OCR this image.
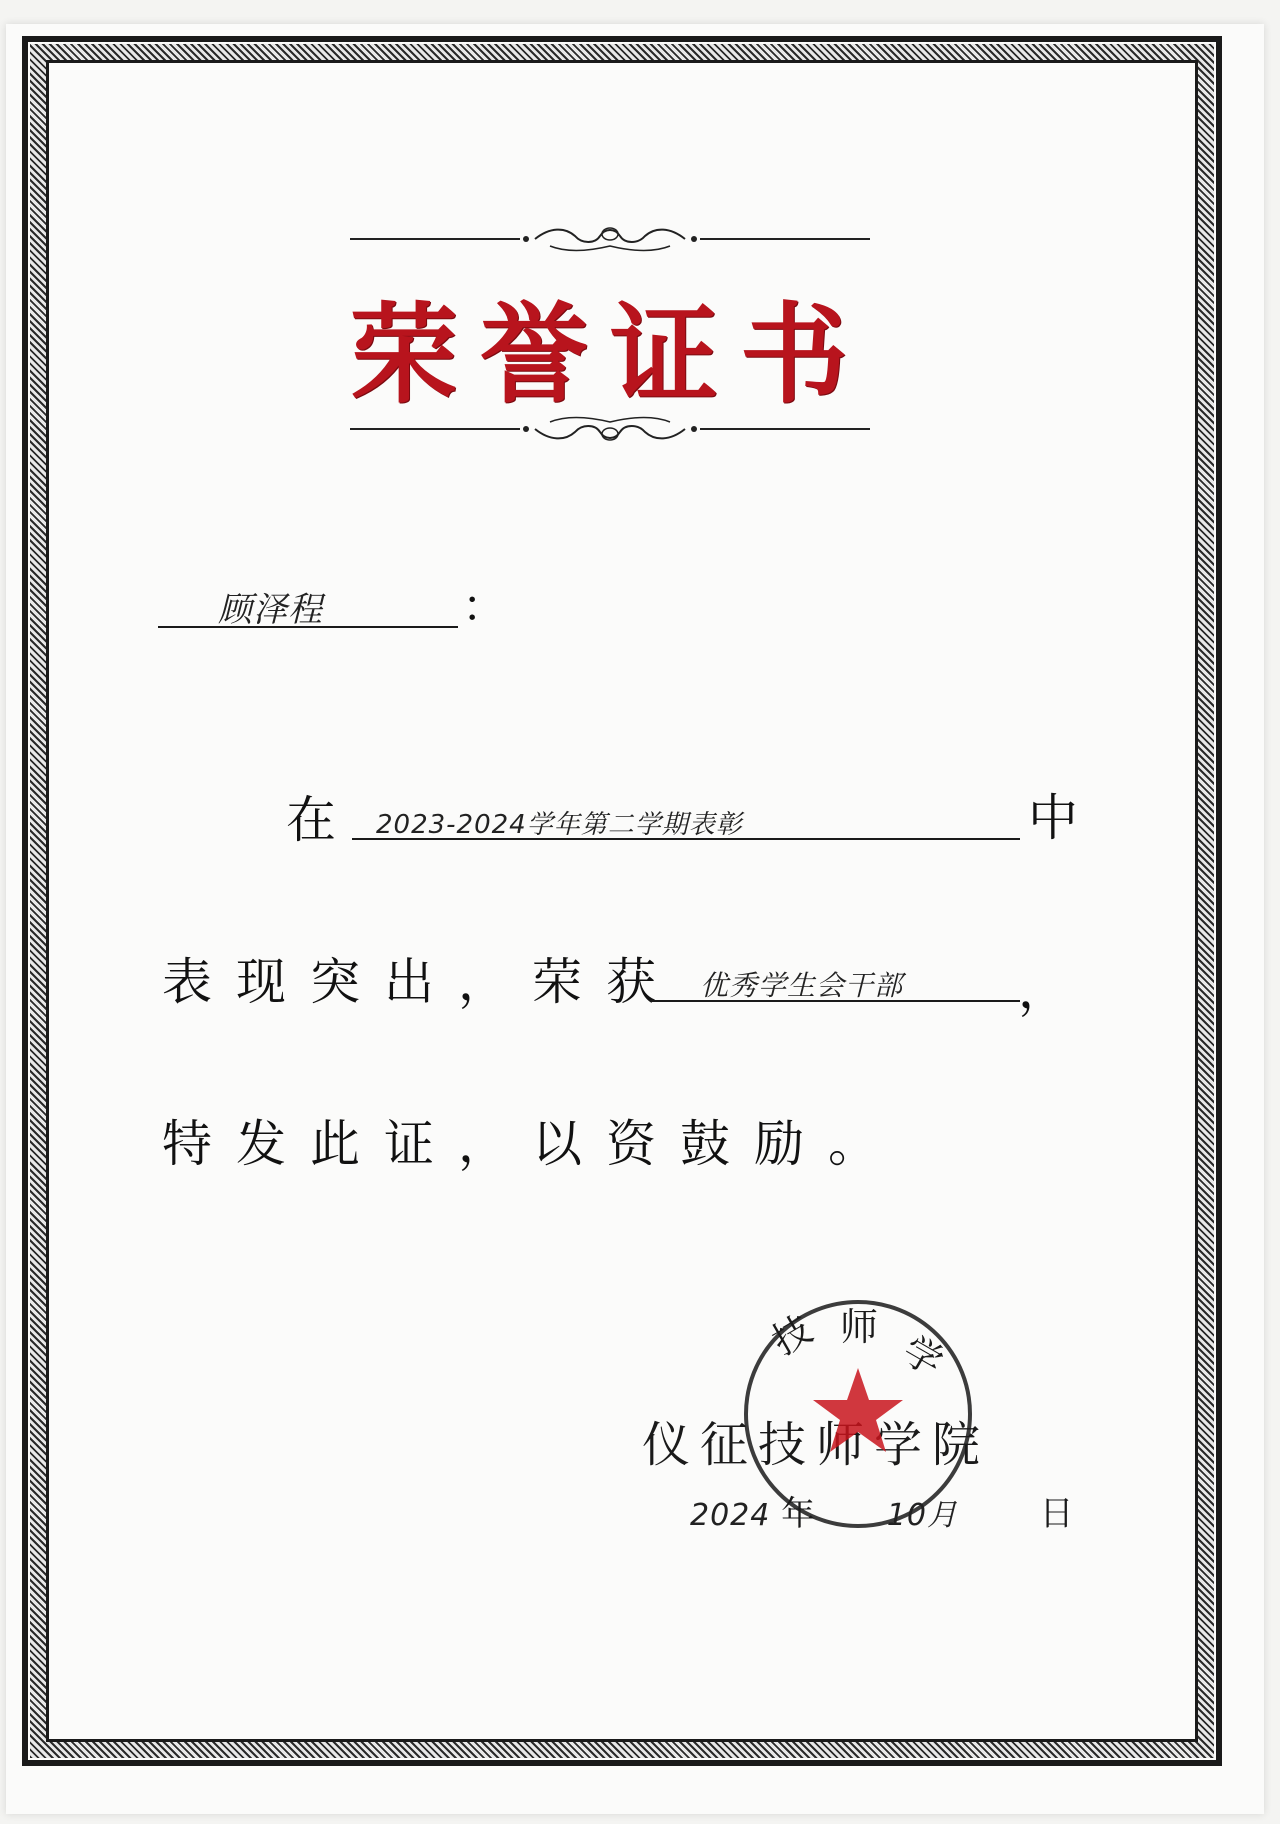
荣誉证书
顾泽程	：
在 2023-2024学年第二学期表彰	中
表现突出，荣获 优秀学生会干部 ，
特发此证，以资鼓励。
仪征技师学院
技 师
学
2024 年 10月 日
